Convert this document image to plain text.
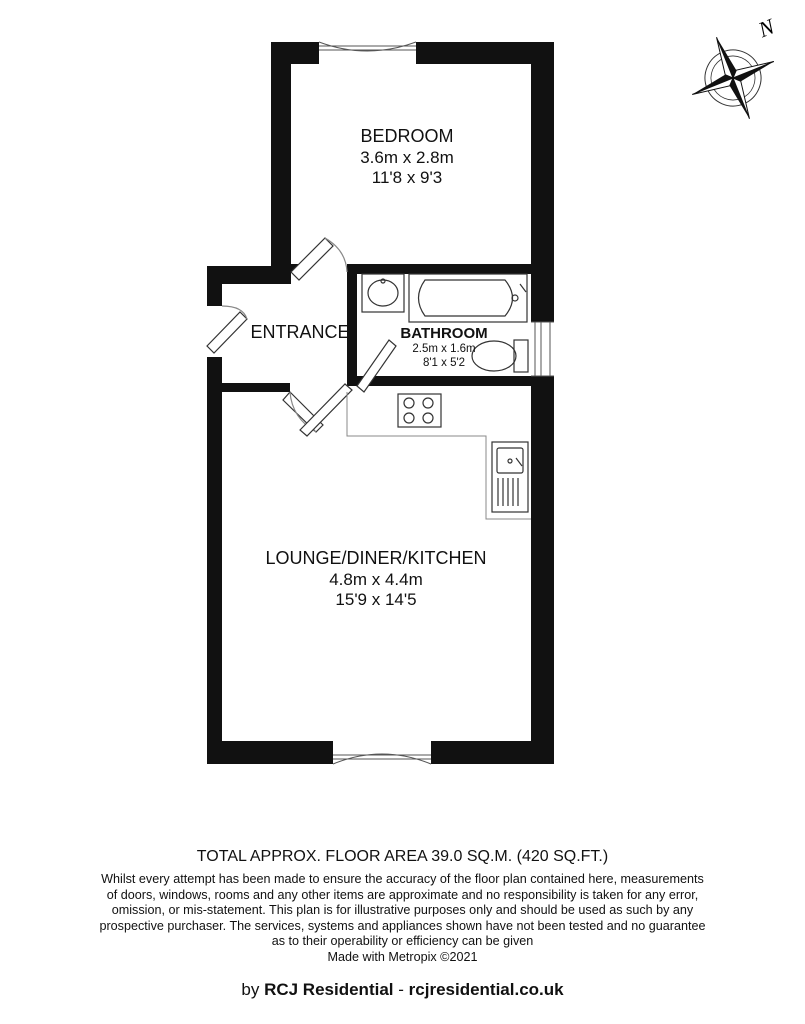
N
BEDROOM
3.6m x 2.8m
11'8 x 9'3
ENTRANCE	BATHROOM
2.5m x 1.6m
8'1 x 5'2
LOUNGE/DINER/KITCHEN
4.8m x 4.4m
15'9 x 14'5
TOTAL APPROX. FLOOR AREA 39.0 SQ.M. (420 SQ.FT.)
Whilst every attempt has been made to ensure the accuracy of the floor plan contained here, measurements
of doors, windows, rooms and any other items are approximate and no responsibility is taken for any error,
omission, or mis-statement. This plan is for illustrative purposes only and should be used as such by any
prospective purchaser. The services, systems and appliances shown have not been tested and no guarantee
as to their operability or efficiency can be given
Made with Metropix ©2021
by RCJ Residential - rcjresidential.co.uk
